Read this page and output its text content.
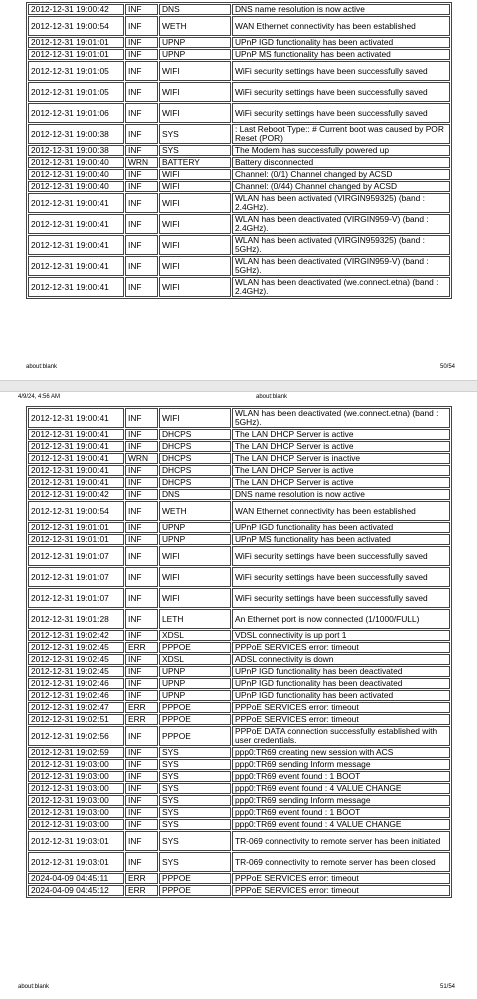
2012-12-31 19:00:42	INF	DNS	DNS name resolution is now active
2012-12-31 19:00:54	INF	WETH	WAN Ethernet connectivity has been established
2012-12-31 19:01:01	INF	UPNP	UPnP IGD functionality has been activated
2012-12-31 19:01:01	INF	UPNP	UPnP MS functionality has been activated
2012-12-31 19:01:05	INF	WIFI	WiFi security settings have been successfully saved
2012-12-31 19:01:05	INF	WIFI	WiFi security settings have been successfully saved
2012-12-31 19:01:06	INF	WIFI	WiFi security settings have been successfully saved
2012-12-31 19:00:38	INF	SYS	: Last Reboot Type:: # Current boot was caused by POR Reset (POR)
2012-12-31 19:00:38	INF	SYS	The Modem has successfully powered up
2012-12-31 19:00:40	WRN	BATTERY	Battery disconnected
2012-12-31 19:00:40	INF	WIFI	Channel: (0/1) Channel changed by ACSD
2012-12-31 19:00:40	INF	WIFI	Channel: (0/44) Channel changed by ACSD
2012-12-31 19:00:41	INF	WIFI	WLAN has been activated (VIRGIN959325) (band : 2.4GHz).
2012-12-31 19:00:41	INF	WIFI	WLAN has been deactivated (VIRGIN959-V) (band : 2.4GHz).
2012-12-31 19:00:41	INF	WIFI	WLAN has been activated (VIRGIN959325) (band : 5GHz).
2012-12-31 19:00:41	INF	WIFI	WLAN has been deactivated (VIRGIN959-V) (band : 5GHz).
2012-12-31 19:00:41	INF	WIFI	WLAN has been deactivated (we.connect.etna) (band : 2.4GHz).
about:blank	50/54
4/9/24, 4:56 AM	about:blank
2012-12-31 19:00:41	INF	WIFI	WLAN has been deactivated (we.connect.etna) (band : 5GHz).
2012-12-31 19:00:41	INF	DHCPS	The LAN DHCP Server is active
2012-12-31 19:00:41	INF	DHCPS	The LAN DHCP Server is active
2012-12-31 19:00:41	WRN	DHCPS	The LAN DHCP Server is inactive
2012-12-31 19:00:41	INF	DHCPS	The LAN DHCP Server is active
2012-12-31 19:00:41	INF	DHCPS	The LAN DHCP Server is active
2012-12-31 19:00:42	INF	DNS	DNS name resolution is now active
2012-12-31 19:00:54	INF	WETH	WAN Ethernet connectivity has been established
2012-12-31 19:01:01	INF	UPNP	UPnP IGD functionality has been activated
2012-12-31 19:01:01	INF	UPNP	UPnP MS functionality has been activated
2012-12-31 19:01:07	INF	WIFI	WiFi security settings have been successfully saved
2012-12-31 19:01:07	INF	WIFI	WiFi security settings have been successfully saved
2012-12-31 19:01:07	INF	WIFI	WiFi security settings have been successfully saved
2012-12-31 19:01:28	INF	LETH	An Ethernet port is now connected (1/1000/FULL)
2012-12-31 19:02:42	INF	XDSL	VDSL connectivity is up port 1
2012-12-31 19:02:45	ERR	PPPOE	PPPoE SERVICES error: timeout
2012-12-31 19:02:45	INF	XDSL	ADSL connectivity is down
2012-12-31 19:02:45	INF	UPNP	UPnP IGD functionality has been deactivated
2012-12-31 19:02:46	INF	UPNP	UPnP IGD functionality has been deactivated
2012-12-31 19:02:46	INF	UPNP	UPnP IGD functionality has been activated
2012-12-31 19:02:47	ERR	PPPOE	PPPoE SERVICES error: timeout
2012-12-31 19:02:51	ERR	PPPOE	PPPoE SERVICES error: timeout
2012-12-31 19:02:56	INF	PPPOE	PPPoE DATA connection successfully established with user credentials.
2012-12-31 19:02:59	INF	SYS	ppp0:TR69 creating new session with ACS
2012-12-31 19:03:00	INF	SYS	ppp0:TR69 sending Inform message
2012-12-31 19:03:00	INF	SYS	ppp0:TR69 event found : 1 BOOT
2012-12-31 19:03:00	INF	SYS	ppp0:TR69 event found : 4 VALUE CHANGE
2012-12-31 19:03:00	INF	SYS	ppp0:TR69 sending Inform message
2012-12-31 19:03:00	INF	SYS	ppp0:TR69 event found : 1 BOOT
2012-12-31 19:03:00	INF	SYS	ppp0:TR69 event found : 4 VALUE CHANGE
2012-12-31 19:03:01	INF	SYS	TR-069 connectivity to remote server has been initiated
2012-12-31 19:03:01	INF	SYS	TR-069 connectivity to remote server has been closed
2024-04-09 04:45:11	ERR	PPPOE	PPPoE SERVICES error: timeout
2024-04-09 04:45:12	ERR	PPPOE	PPPoE SERVICES error: timeout
about:blank	51/54
